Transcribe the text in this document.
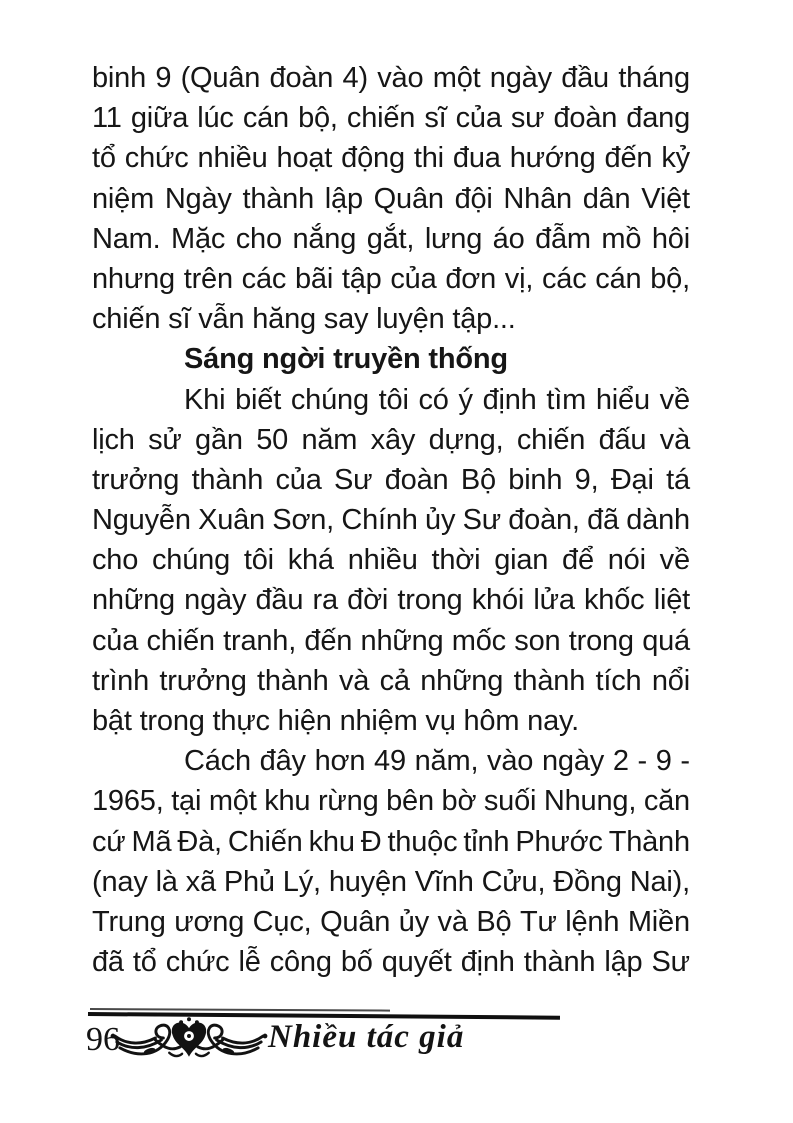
binh 9 (Quân đoàn 4) vào một ngày đầu tháng
11 giữa lúc cán bộ, chiến sĩ của sư đoàn đang
tổ chức nhiều hoạt động thi đua hướng đến kỷ
niệm Ngày thành lập Quân đội Nhân dân Việt
Nam. Mặc cho nắng gắt, lưng áo đẫm mồ hôi
nhưng trên các bãi tập của đơn vị, các cán bộ,
chiến sĩ vẫn hăng say luyện tập...
Sáng ngời truyền thống
Khi biết chúng tôi có ý định tìm hiểu về
lịch sử gần 50 năm xây dựng, chiến đấu và
trưởng thành của Sư đoàn Bộ binh 9, Đại tá
Nguyễn Xuân Sơn, Chính ủy Sư đoàn, đã dành
cho chúng tôi khá nhiều thời gian để nói về
những ngày đầu ra đời trong khói lửa khốc liệt
của chiến tranh, đến những mốc son trong quá
trình trưởng thành và cả những thành tích nổi
bật trong thực hiện nhiệm vụ hôm nay.
Cách đây hơn 49 năm, vào ngày 2 - 9 -
1965, tại một khu rừng bên bờ suối Nhung, căn
cứ Mã Đà, Chiến khu Đ thuộc tỉnh Phước Thành
(nay là xã Phủ Lý, huyện Vĩnh Cửu, Đồng Nai),
Trung ương Cục, Quân ủy và Bộ Tư lệnh Miền
đã tổ chức lễ công bố quyết định thành lập Sư
96	Nhiều tác giả
